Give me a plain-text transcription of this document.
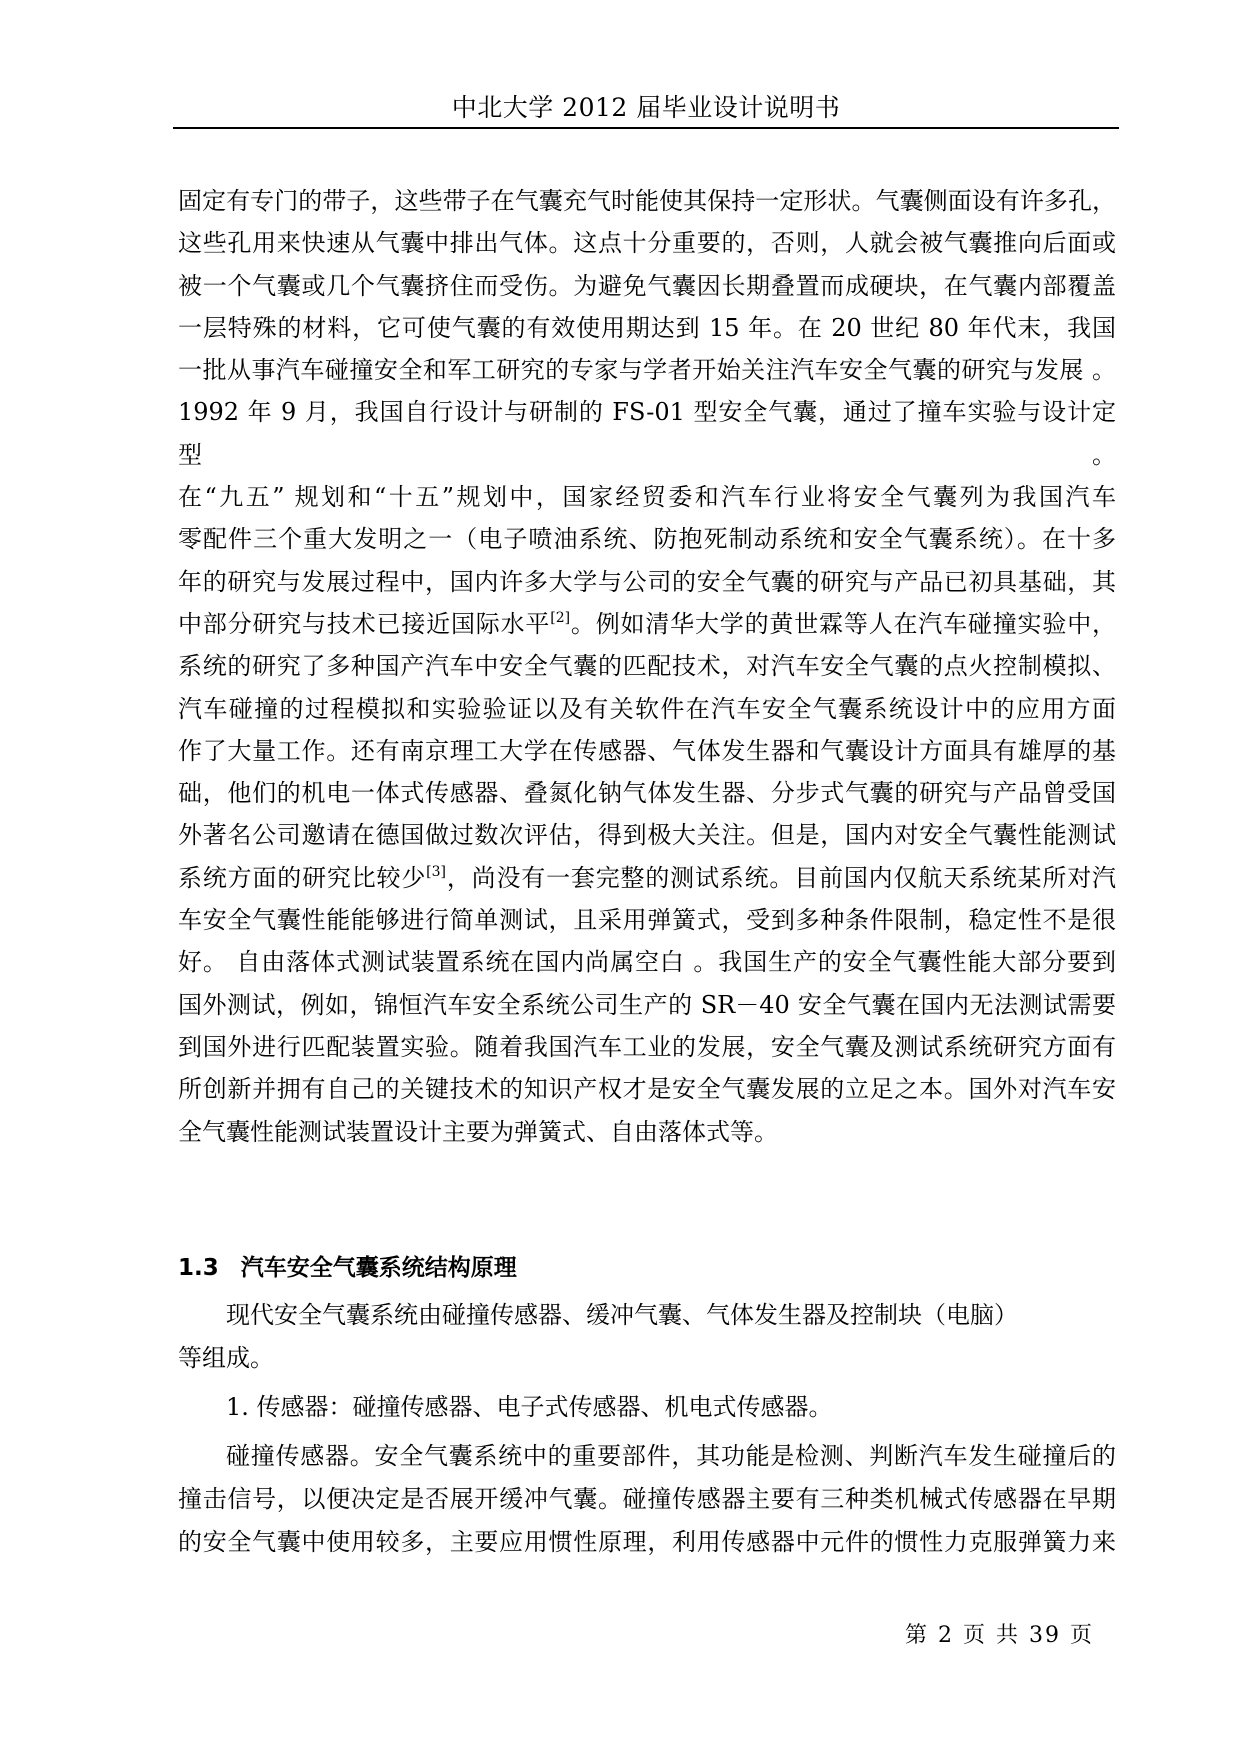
中北大学 2012 届毕业设计说明书

固定有专门的带子，这些带子在气囊充气时能使其保持一定形状。气囊侧面设有许多孔，

这些孔用来快速从气囊中排出气体。这点十分重要的，否则，人就会被气囊推向后面或

被一个气囊或几个气囊挤住而受伤。为避免气囊因长期叠置而成硬块，在气囊内部覆盖

一层特殊的材料，它可使气囊的有效使用期达到 15 年。在 20 世纪 80 年代末，我国

一批从事汽车碰撞安全和军工研究的专家与学者开始关注汽车安全气囊的研究与发展 。

1992 年 9 月，我国自行设计与研制的 FS-01 型安全气囊，通过了撞车实验与设计定型。

在“九五” 规划和“十五”规划中，国家经贸委和汽车行业将安全气囊列为我国汽车

零配件三个重大发明之一（电子喷油系统、防抱死制动系统和安全气囊系统）。在十多

年的研究与发展过程中，国内许多大学与公司的安全气囊的研究与产品已初具基础，其

中部分研究与技术已接近国际水平[2]。例如清华大学的黄世霖等人在汽车碰撞实验中，

系统的研究了多种国产汽车中安全气囊的匹配技术，对汽车安全气囊的点火控制模拟、

汽车碰撞的过程模拟和实验验证以及有关软件在汽车安全气囊系统设计中的应用方面

作了大量工作。还有南京理工大学在传感器、气体发生器和气囊设计方面具有雄厚的基

础，他们的机电一体式传感器、叠氮化钠气体发生器、分步式气囊的研究与产品曾受国

外著名公司邀请在德国做过数次评估，得到极大关注。但是，国内对安全气囊性能测试

系统方面的研究比较少[3]，尚没有一套完整的测试系统。目前国内仅航天系统某所对汽

车安全气囊性能能够进行简单测试，且采用弹簧式，受到多种条件限制，稳定性不是很

好。 自由落体式测试装置系统在国内尚属空白 。我国生产的安全气囊性能大部分要到

国外测试，例如，锦恒汽车安全系统公司生产的 SR－40 安全气囊在国内无法测试需要

到国外进行匹配装置实验。随着我国汽车工业的发展，安全气囊及测试系统研究方面有

所创新并拥有自己的关键技术的知识产权才是安全气囊发展的立足之本。国外对汽车安

全气囊性能测试装置设计主要为弹簧式、自由落体式等。

1.3 汽车安全气囊系统结构原理
现代安全气囊系统由碰撞传感器、缓冲气囊、气体发生器及控制块（电脑）
等组成。
1. 传感器：碰撞传感器、电子式传感器、机电式传感器。
碰撞传感器。安全气囊系统中的重要部件，其功能是检测、判断汽车发生碰撞后的
撞击信号，以便决定是否展开缓冲气囊。碰撞传感器主要有三种类机械式传感器在早期
的安全气囊中使用较多，主要应用惯性原理，利用传感器中元件的惯性力克服弹簧力来
第 2 页 共 39 页
